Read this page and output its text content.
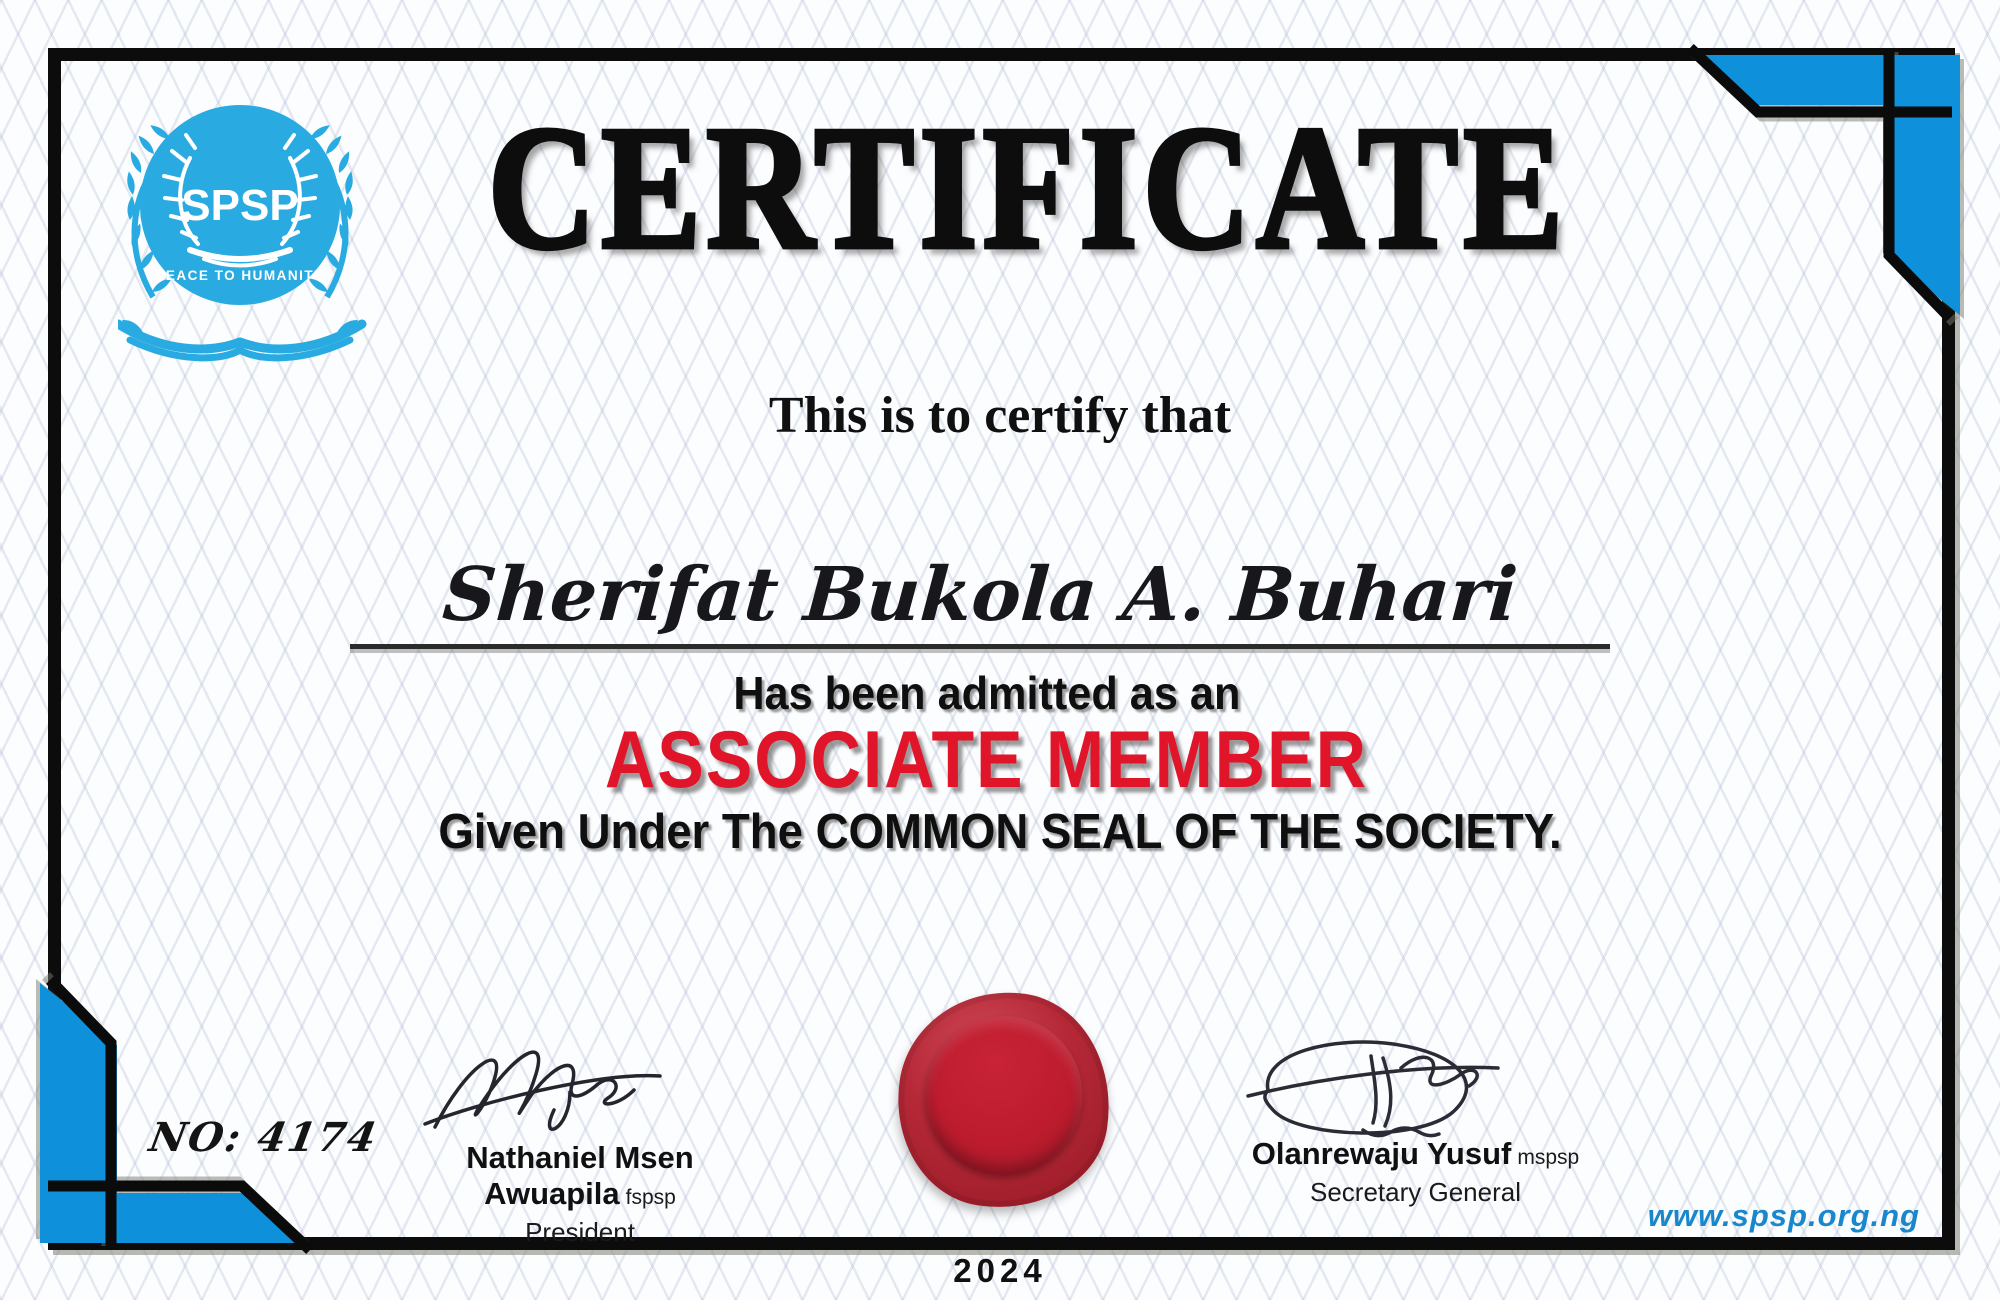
SPSP
PEACE TO HUMANITY	CERTIFICATE
This is to certify that
Sherifat Bukola A. Buhari
Has been admitted as an
ASSOCIATE MEMBER
Given Under The COMMON SEAL OF THE SOCIETY.
Nathaniel Msen Awuapila fspsp
President
Olanrewaju Yusuf mspsp
Secretary General
NO: 4174
www.spsp.org.ng
2024
